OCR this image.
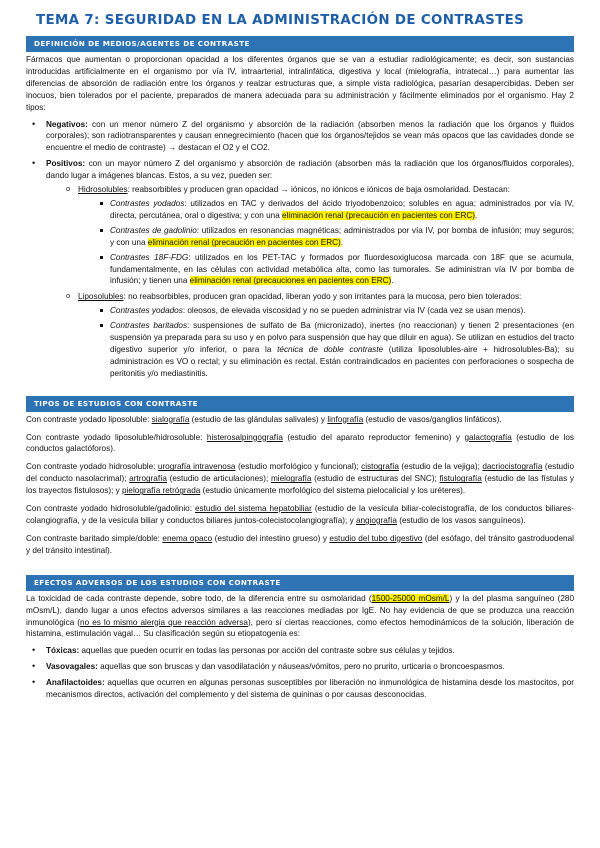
TEMA 7: SEGURIDAD EN LA ADMINISTRACIÓN DE CONTRASTES
DEFINICIÓN DE MEDIOS/AGENTES DE CONTRASTE

Fármacos que aumentan o proporcionan opacidad a los diferentes órganos que se van a estudiar radiológicamente; es decir, son sustancias introducidas artificialmente en el organismo por vía IV, intraarterial, intralinfática, digestiva y local (mielografía, intratecal…) para aumentar las diferencias de absorción de radiación entre los órganos y realzar estructuras que, a simple vista radiológica, pasarían desapercibidas. Deben ser inocuos, bien tolerados por el paciente, preparados de manera adecuada para su administración y fácilmente eliminados por el organismo. Hay 2 tipos:

• Negativos: con un menor número Z del organismo y absorción de la radiación (absorben menos la radiación que los órganos y fluidos corporales); son radiotransparentes y causan ennegrecimiento (hacen que los órganos/tejidos se vean más opacos que las cavidades donde se encuentre el medio de contraste) → destacan el O2 y el CO2.
• Positivos: con un mayor número Z del organismo y absorción de radiación (absorben más la radiación que los órganos/fluidos corporales), dando lugar a imágenes blancas. Estos, a su vez, pueden ser:
o Hidrosolubles: reabsorbibles y producen gran opacidad → iónicos, no iónicos e iónicos de baja osmolaridad. Destacan:
Contrastes yodados: utilizados en TAC y derivados del ácido triyodobenzoico; solubles en agua; administrados por vía IV, directa, percutánea, oral o digestiva; y con una eliminación renal (precaución en pacientes con ERC).
Contrastes de gadolinio: utilizados en resonancias magnéticas; administrados por vía IV, por bomba de infusión; muy seguros; y con una eliminación renal (precaución en pacientes con ERC).
Contrastes 18F-FDG: utilizados en los PET-TAC y formados por fluordesoxiglucosa marcada con 18F que se acumula, fundamentalmente, en las células con actividad metabólica alta, como las tumorales. Se administran vía IV por bomba de infusión; y tienen una eliminación renal (precauciones en pacientes con ERC).
o Liposolubles: no reabsorbibles, producen gran opacidad, liberan yodo y son irritantes para la mucosa, pero bien tolerados:
Contrastes yodados: oleosos, de elevada viscosidad y no se pueden administrar vía IV (cada vez se usan menos).
Contrastes baritados: suspensiones de sulfato de Ba (micronizado), inertes (no reaccionan) y tienen 2 presentaciones (en suspensión ya preparada para su uso y en polvo para suspensión que hay que diluir en agua). Se utilizan en estudios del tracto digestivo superior y/o inferior, o para la técnica de doble contraste (utiliza liposolubles-aire + hidrosolubles-Ba); su administración es VO o rectal; y su eliminación es rectal. Están contraindicados en pacientes con perforaciones o sospecha de peritonitis y/o mediastinitis.
TIPOS DE ESTUDIOS CON CONTRASTE

Con contraste yodado liposoluble: sialografía (estudio de las glándulas salivales) y linfografía (estudio de vasos/ganglios linfáticos).

Con contraste yodado liposoluble/hidrosoluble: histerosalpingografía (estudio del aparato reproductor femenino) y galactografía (estudio de los conductos galactóforos).

Con contraste yodado hidrosoluble: urografía intravenosa (estudio morfológico y funcional); cistografía (estudio de la vejiga); dacriocistografía (estudio del conducto nasolacrimal); artrografía (estudio de articulaciones); mielografía (estudio de estructuras del SNC); fistulografía (estudio de las fístulas y los trayectos fistulosos); y pielografía retrógrada (estudio únicamente morfológico del sistema pielocalicial y los uréteres).

Con contraste yodado hidrosoluble/gadolinio: estudio del sistema hepatobiliar (estudio de la vesícula biliar-colecistografía, de los conductos biliares-colangiografía, y de la vesícula biliar y conductos biliares juntos-colecistocolangiografía); y angiografía (estudio de los vasos sanguíneos).

Con contraste baritado simple/doble: enema opaco (estudio del intestino grueso) y estudio del tubo digestivo (del esófago, del tránsito gastroduodenal y del tránsito intestinal).

EFECTOS ADVERSOS DE LOS ESTUDIOS CON CONTRASTE

La toxicidad de cada contraste depende, sobre todo, de la diferencia entre su osmolaridad (1500-25000 mOsm/L) y la del plasma sanguíneo (280 mOsm/L), dando lugar a unos efectos adversos similares a las reacciones mediadas por IgE. No hay evidencia de que se produzca una reacción inmunológica (no es lo mismo alergia que reacción adversa), pero sí ciertas reacciones, como efectos hemodinámicos de la solución, liberación de histamina, estimulación vagal… Su clasificación según su etiopatogenia es:

• Tóxicas: aquellas que pueden ocurrir en todas las personas por acción del contraste sobre sus células y tejidos.
• Vasovagales: aquellas que son bruscas y dan vasodilatación y náuseas/vómitos, pero no prurito, urticaria o broncoespasmos.
• Anafilactoides: aquellas que ocurren en algunas personas susceptibles por liberación no inmunológica de histamina desde los mastocitos, por mecanismos directos, activación del complemento y del sistema de quininas o por causas desconocidas.
